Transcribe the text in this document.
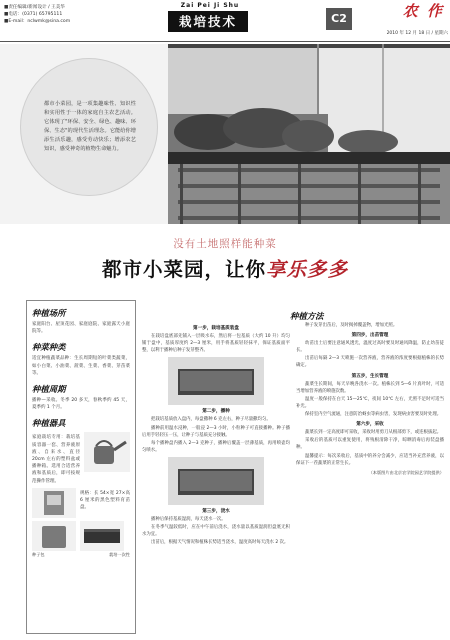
■责任编辑/新闻设计 / 王美华
■电话：(0371) 65795111
■E-mail：nclwmk@sina.com
Zai Pei Ji Shu
栽培技术	C2	农 作
2010 年 12 月 18 日 / 星期六
都市小菜园，是一项集趣味性、知识性和实用性于一体的家庭自主农艺活动。它体现了"环保、安全、绿色、趣味、环保、生态"的现代生活理念。它能给你增添生活乐趣，感受劳动快乐；增添农艺知识，感受神奇的植物生命魅力。
没有土地照样能种菜
都市小菜园，让你享乐多多
种植场所
家庭阳台、屋顶花园、家庭庭院、家庭露天小庭院等。
种菜种类
适宜种植蔬菜品种：生长周期短的叶菜类蔬菜，如小白菜、小油菜、菠菜、生菜、香菜、芽苗菜等。
种植周期
播种—采收。冬季 20 多天，春秋季约 45 天，夏季约 1 个月。
种植器具
家庭栽培专用：栽培基质容器一套、营养液原液、自来水、直径 20cm 左右的塑料盆或播种箱。选用合适营养液和基质后，即可按规范操作管理。
规格：长 54×宽 27×高 6 厘米的黑色塑料育苗盘。
种子包	栽培一次性
种植方法
第一步，栽培基质装盘
在栽培盘底部先铺入一层吸水布，然后将一包基质（大约 10 升）均匀铺于盘中，基质厚度约 2—3 厘米，用手将基质轻轻抹平，保证基质面平整，以利于播种后种子发芽整齐。
第二步，播种
把栽培基质放入盘内，每盘撒种 6 克左右，种子尽量撒均匀。
播种前用温水浸种，一般浸 2—3 小时，小粒种子可直接播种。种子播后用手轻轻压一压，让种子与基质充分接触。
每个播种盘内播入 2—3 克种子，播种后覆盖一层薄基质，再用喷壶均匀喷水。
第三步，浇水
播种后保持基质湿润，每天浇水一次。
在冬季气温较低时，应在中午前后浇水，浇水量以基质湿润但盘底无积水为宜。
出苗后，根据天气情况和植株长势适当浇水，温度高时每天浇水 2 次。
种子发芽出苗后，及时揭掉覆盖物，增加光照。
第四步，出苗管理
幼苗出土后要注意通风透光，温度过高时要及时通风降温，防止幼苗徒长。
出苗后每隔 2—3 天喷施一次营养液，营养液的浓度要根据植株的长势确定。
第五步，生长管理
蔬菜生长期间，每天早晚各浇水一次。植株长到 5—6 片真叶时，可适当增加营养液的喷施次数。
温度一般保持在白天 15—25℃，夜间 10℃ 左右，光照不足时可适当补光。
保持室内空气流通，注意防治蚜虫等病虫害，发现病虫害要及时处理。
第六步，采收
蔬菜长到一定高度即可采收，采收时用剪刀从根部剪下，或连根拔起。
采收后的基质可以重复使用，将残根清除干净，晾晒消毒后再装盘播种。
温馨提示：每次采收后，基质中的养分会减少，应适当补充营养液，以保证下一茬蔬菜的正常生长。
（本版图片由北京农学院园艺学院提供）
